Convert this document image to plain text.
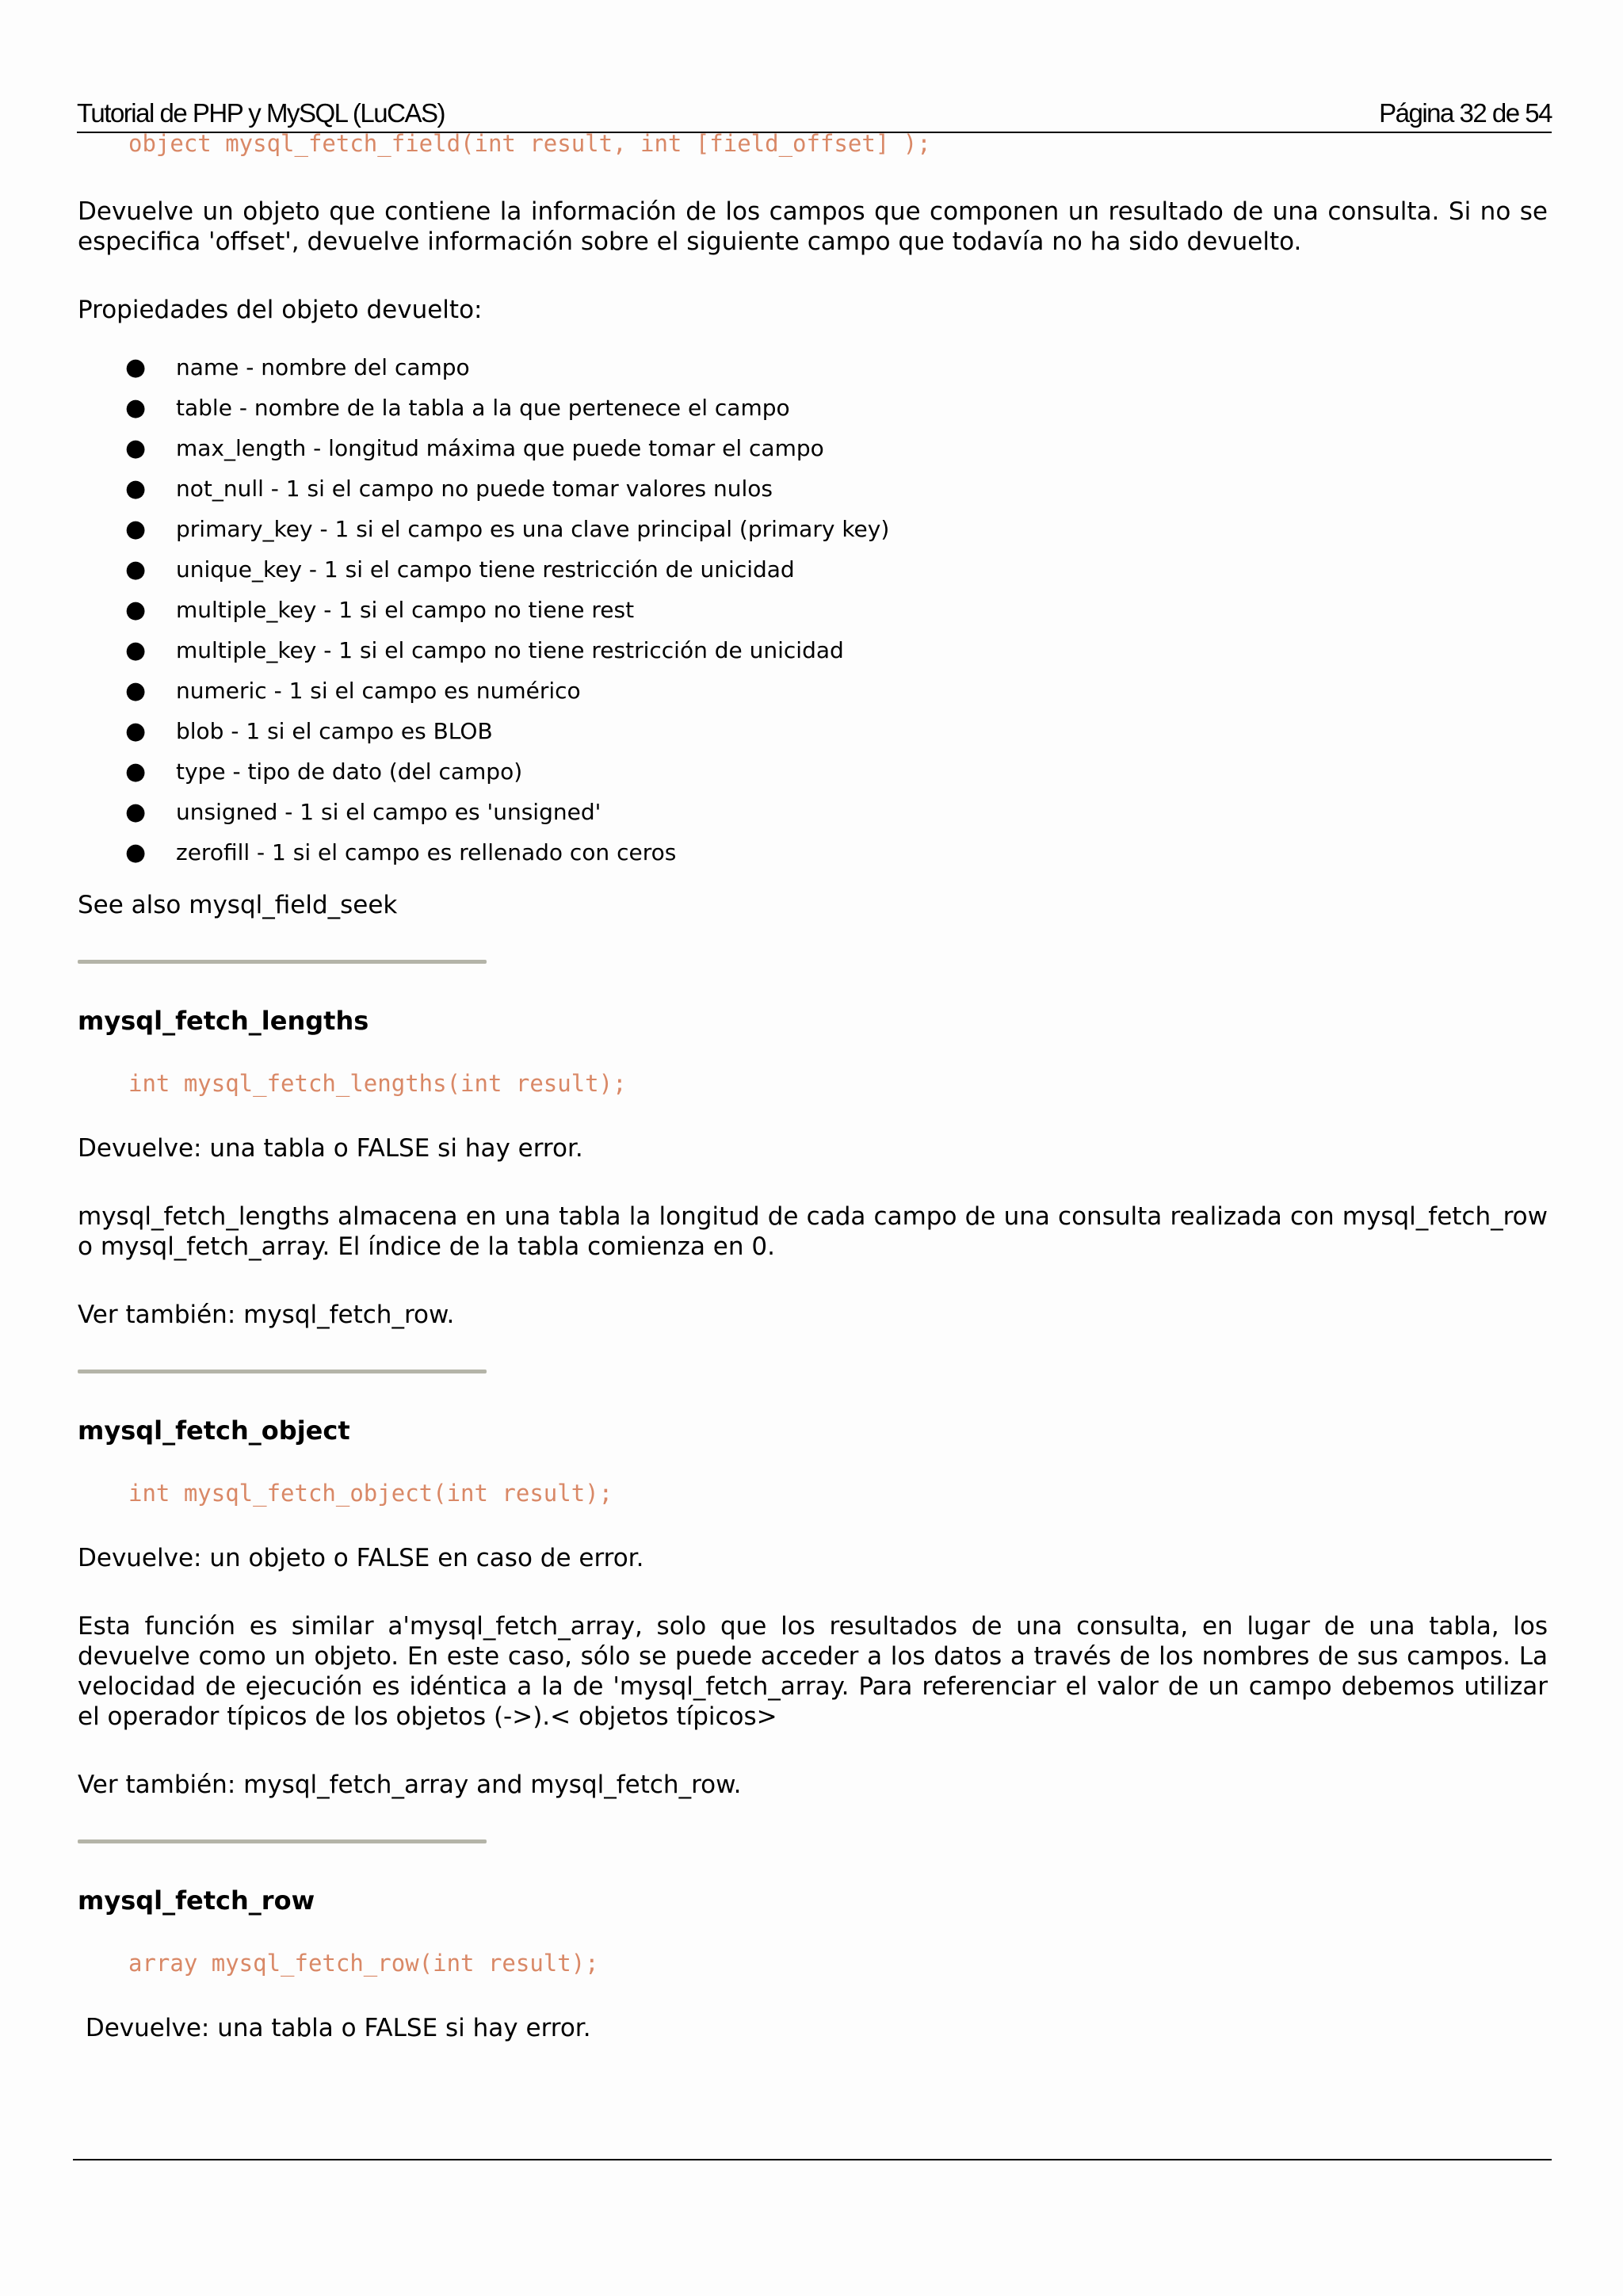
Tutorial de PHP y MySQL (LuCAS)	Página 32 de 54
object mysql_fetch_field(int result, int [field_offset] );

Devuelve un objeto que contiene la información de los campos que componen un resultado de una consulta. Si no se especifica 'offset', devuelve información sobre el siguiente campo que todavía no ha sido devuelto.

Propiedades del objeto devuelto:

● name - nombre del campo
● table - nombre de la tabla a la que pertenece el campo
● max_length - longitud máxima que puede tomar el campo
● not_null - 1 si el campo no puede tomar valores nulos
● primary_key - 1 si el campo es una clave principal (primary key)
● unique_key - 1 si el campo tiene restricción de unicidad
● multiple_key - 1 si el campo no tiene rest
● multiple_key - 1 si el campo no tiene restricción de unicidad
● numeric - 1 si el campo es numérico
● blob - 1 si el campo es BLOB
● type - tipo de dato (del campo)
● unsigned - 1 si el campo es 'unsigned'
● zerofill - 1 si el campo es rellenado con ceros

See also mysql_field_seek

mysql_fetch_lengths
int mysql_fetch_lengths(int result);

Devuelve: una tabla o FALSE si hay error.

mysql_fetch_lengths almacena en una tabla la longitud de cada campo de una consulta realizada con mysql_fetch_row o mysql_fetch_array. El índice de la tabla comienza en 0.

Ver también: mysql_fetch_row.

mysql_fetch_object
int mysql_fetch_object(int result);

Devuelve: un objeto o FALSE en caso de error.

Esta función es similar a'mysql_fetch_array, solo que los resultados de una consulta, en lugar de una tabla, los devuelve como un objeto. En este caso, sólo se puede acceder a los datos a través de los nombres de sus campos. La velocidad de ejecución es idéntica a la de 'mysql_fetch_array. Para referenciar el valor de un campo debemos utilizar el operador típicos de los objetos (->).< objetos típicos>

Ver también: mysql_fetch_array and mysql_fetch_row.

mysql_fetch_row
array mysql_fetch_row(int result);

Devuelve: una tabla o FALSE si hay error.
